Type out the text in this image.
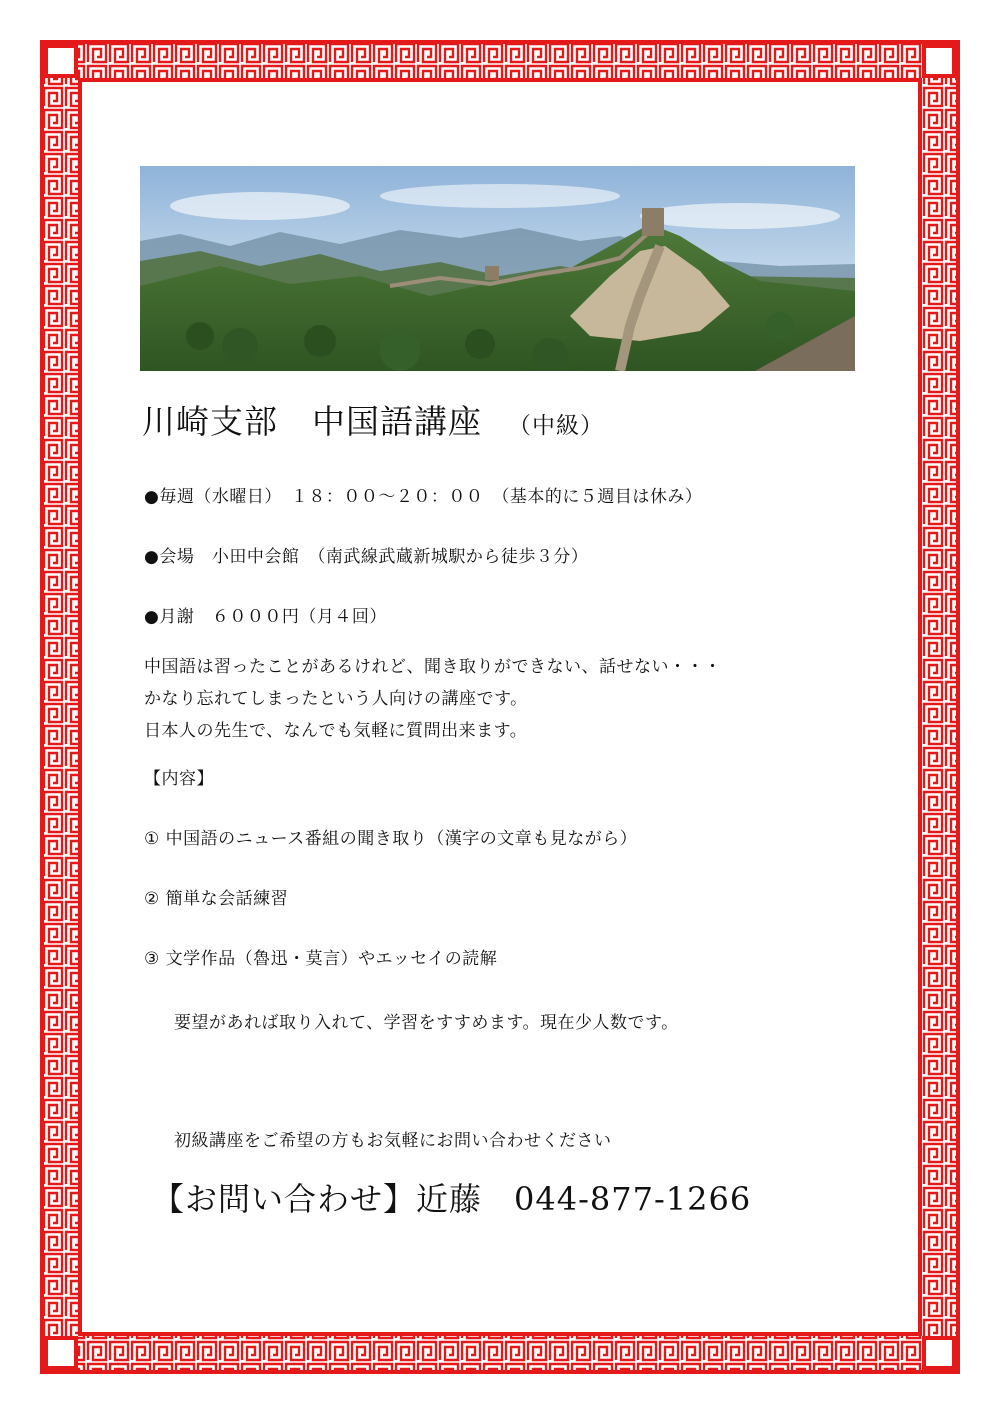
川崎支部　中国語講座 （中級）
●毎週（水曜日）　１８：００～２０：００　（基本的に５週目は休み）
●会場　小田中会館　（南武線武蔵新城駅から徒歩３分）
●月謝　６０００円（月４回）
中国語は習ったことがあるけれど、聞き取りができない、話せない・・・
かなり忘れてしまったという人向けの講座です。
日本人の先生で、なんでも気軽に質問出来ます。
【内容】
① 中国語のニュース番組の聞き取り（漢字の文章も見ながら）
② 簡単な会話練習
③ 文学作品（魯迅・莫言）やエッセイの読解
要望があれば取り入れて、学習をすすめます。現在少人数です。
初級講座をご希望の方もお気軽にお問い合わせください
【お問い合わせ】近藤 044-877-1266
